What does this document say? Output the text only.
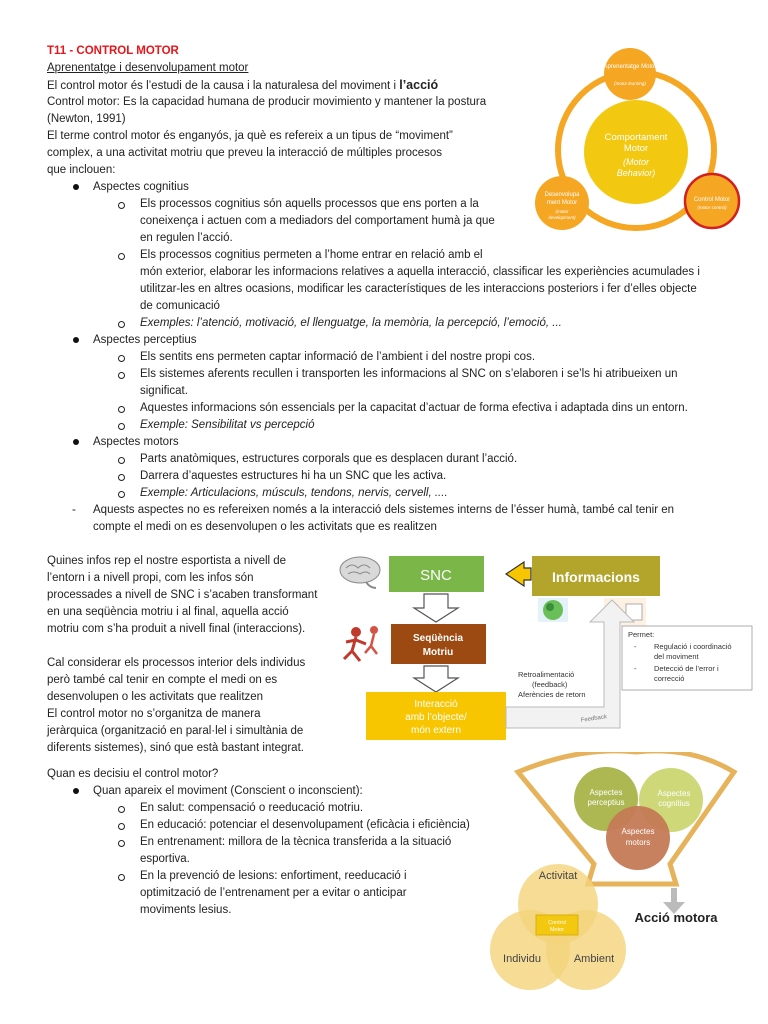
T11 - CONTROL MOTOR
Aprenentatge i desenvolupament motor
El control motor és l’estudi de la causa i la naturalesa del moviment i l’acció
Control motor: Es la capacidad humana de producir movimiento y mantener la postura
(Newton, 1991)
El terme control motor és enganyós, ja què es refereix a un tipus de “moviment”
complex, a una activitat motriu que preveu la interacció de múltiples procesos
que inclouen:
Aspectes cognitius
Els processos cognitius són aquells processos que ens porten a la
coneixença i actuen com a mediadors del comportament humà ja que
en regulen l’acció.
Els processos cognitius permeten a l’home entrar en relació amb el
món exterior, elaborar les informacions relatives a aquella interacció, classificar les experiències acumulades i
utilitzar-les en altres ocasions, modificar les característiques de les interaccions posteriors i fer d’elles objecte
de comunicació
Exemples: l’atenció, motivació, el llenguatge, la memòria, la percepció, l’emoció, ...
Aspectes perceptius
Els sentits ens permeten captar informació de l’ambient i del nostre propi cos.
Els sistemes aferents recullen i transporten les informacions al SNC on s’elaboren i se’ls hi atribueixen un
significat.
Aquestes informacions són essencials per la capacitat d’actuar de forma efectiva i adaptada dins un entorn.
Exemple: Sensibilitat vs percepció
Aspectes motors
Parts anatòmiques, estructures corporals que es desplacen durant l’acció.
Darrera d’aquestes estructures hi ha un SNC que les activa.
Exemple: Articulacions, músculs, tendons, nervis, cervell, ....
- Aquests aspectes no es refereixen només a la interacció dels sistemes interns de l’ésser humà, també cal tenir en
compte el medi on es desenvolupen o les activitats que es realitzen
Quines infos rep el nostre esportista a nivell de
l’entorn i a nivell propi, com les infos són
processades a nivell de SNC i s’acaben transformant
en una seqüència motriu i al final, aquella acció
motriu com s’ha produit a nivell final (interaccions).
Cal considerar els processos interior dels individus
però també cal tenir en compte el medi on es
desenvolupen o les activitats que realitzen
El control motor no s’organitza de manera
jeràrquica (organització en paral·lel i simultània de
diferents sistemes), sinó que està bastant integrat.
Quan es decisiu el control motor?
Quan apareix el moviment (Conscient o inconscient):
En salut: compensació o reeducació motriu.
En educació: potenciar el desenvolupament (eficàcia i eficiència)
En entrenament: millora de la tècnica transferida a la situació
esportiva.
En la prevenció de lesions: enfortiment, reeducació i
optimització de l’entrenament per a evitar o anticipar
moviments lesius.
Comportament
Motor
(Motor
Behavior)
Aprenentatge Motor
(motor learning)
Control Motor
(motor control)
Desenvolupa
ment Motor
(motor
development)
SNC	Informacions
Seqüència
Motriu
Interacció
amb l’objecte/
món extern
Feedback
Retroalimentació
(feedback)
Aferències de retorn
Permet:
- Regulació i coordinació
del moviment
- Detecció de l’error i
correcció
Aspectes
perceptius
Aspectes
cognitius
Aspectes
motors
Acció motora
Activitat
Individu	Ambient
Control
Motor
